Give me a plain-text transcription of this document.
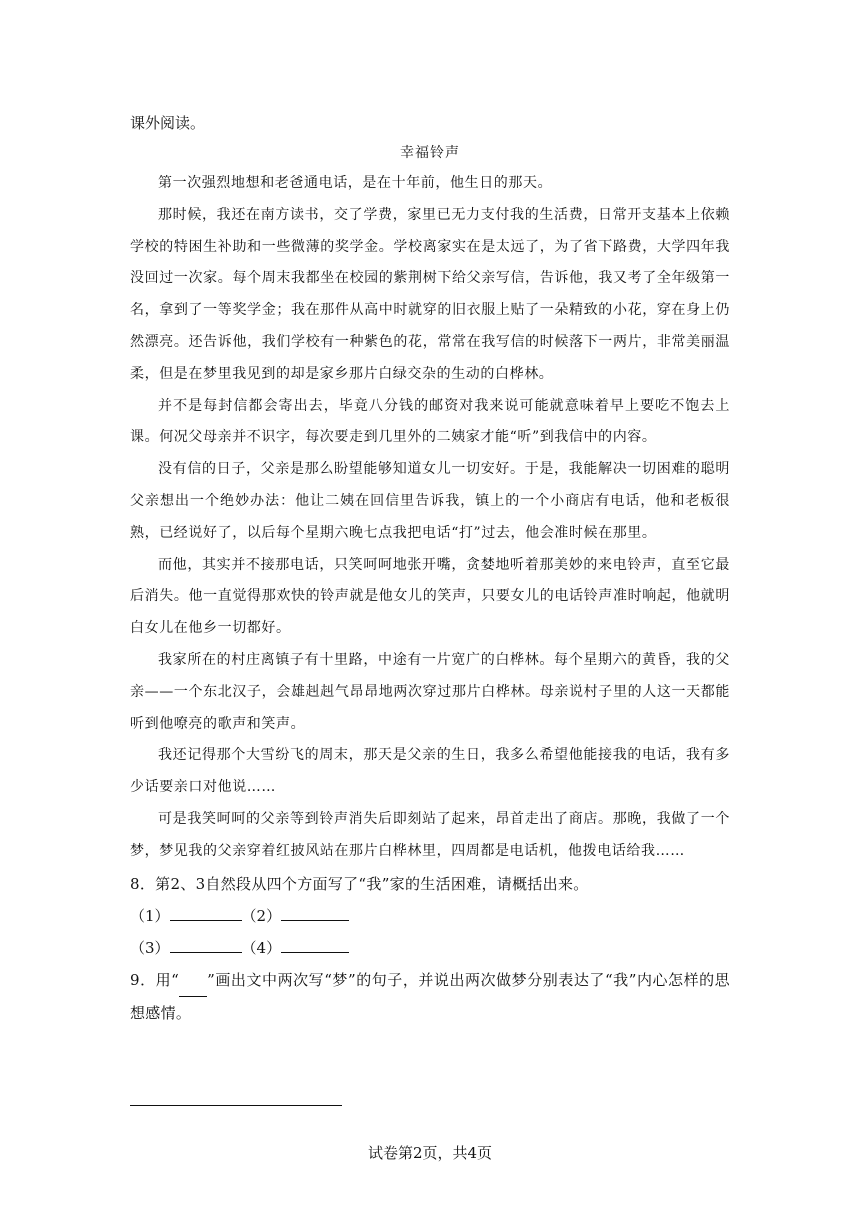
课外阅读。

幸福铃声

第一次强烈地想和老爸通电话，是在十年前，他生日的那天。

那时候，我还在南方读书，交了学费，家里已无力支付我的生活费，日常开支基本上依赖学校的特困生补助和一些微薄的奖学金。学校离家实在是太远了，为了省下路费，大学四年我没回过一次家。每个周末我都坐在校园的紫荆树下给父亲写信，告诉他，我又考了全年级第一名，拿到了一等奖学金；我在那件从高中时就穿的旧衣服上贴了一朵精致的小花，穿在身上仍然漂亮。还告诉他，我们学校有一种紫色的花，常常在我写信的时候落下一两片，非常美丽温柔，但是在梦里我见到的却是家乡那片白绿交杂的生动的白桦林。

并不是每封信都会寄出去，毕竟八分钱的邮资对我来说可能就意味着早上要吃不饱去上课。何况父母亲并不识字，每次要走到几里外的二姨家才能“听”到我信中的内容。

没有信的日子，父亲是那么盼望能够知道女儿一切安好。于是，我能解决一切困难的聪明父亲想出一个绝妙办法：他让二姨在回信里告诉我，镇上的一个小商店有电话，他和老板很熟，已经说好了，以后每个星期六晚七点我把电话“打”过去，他会准时候在那里。

而他，其实并不接那电话，只笑呵呵地张开嘴，贪婪地听着那美妙的来电铃声，直至它最后消失。他一直觉得那欢快的铃声就是他女儿的笑声，只要女儿的电话铃声准时响起，他就明白女儿在他乡一切都好。

我家所在的村庄离镇子有十里路，中途有一片宽广的白桦林。每个星期六的黄昏，我的父亲——一个东北汉子，会雄赳赳气昂昂地两次穿过那片白桦林。母亲说村子里的人这一天都能听到他嘹亮的歌声和笑声。

我还记得那个大雪纷飞的周末，那天是父亲的生日，我多么希望他能接我的电话，我有多少话要亲口对他说……

可是我笑呵呵的父亲等到铃声消失后即刻站了起来，昂首走出了商店。那晚，我做了一个梦，梦见我的父亲穿着红披风站在那片白桦林里，四周都是电话机，他拨电话给我……

8．第2、3自然段从四个方面写了“我”家的生活困难，请概括出来。

（1）	（2）

（3）	（4）

9．用“ ”画出文中两次写“梦”的句子，并说出两次做梦分别表达了“我”内心怎样的思想感情。

试卷第2页，共4页
